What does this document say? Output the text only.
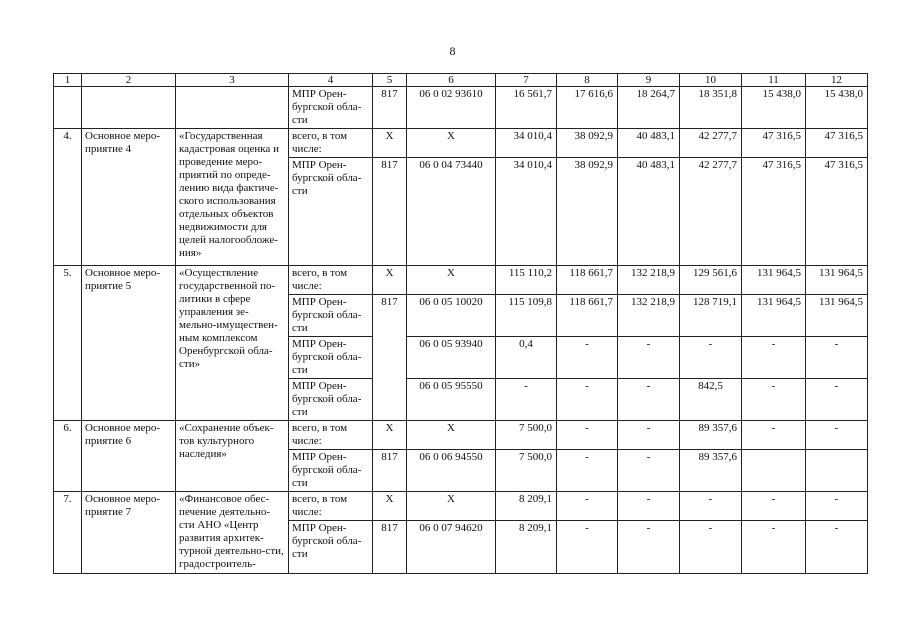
8
1	2	3	4	5	6	7	8	9	10	11	12
			МПР Орен-бургской обла-сти	817	06 0 02 93610	16 561,7	17 616,6	18 264,7	18 351,8	15 438,0	15 438,0
4.	Основное меро-приятие 4	«Государственная кадастровая оценка и проведение меро-приятий по опреде-лению вида фактиче-ского использования отдельных объектов недвижимости для целей налогообложе-ния»	всего, в том числе:	Х	Х	34 010,4	38 092,9	40 483,1	42 277,7	47 316,5	47 316,5
			МПР Орен-бургской обла-сти	817	06 0 04 73440	34 010,4	38 092,9	40 483,1	42 277,7	47 316,5	47 316,5
5.	Основное меро-приятие 5	«Осуществление государственной по-литики в сфере управления зе-мельно-имуществен-ным комплексом Оренбургской обла-сти»	всего, в том числе:	Х	Х	115 110,2	118 661,7	132 218,9	129 561,6	131 964,5	131 964,5
			МПР Орен-бургской обла-сти	817	06 0 05 10020	115 109,8	118 661,7	132 218,9	128 719,1	131 964,5	131 964,5
			МПР Орен-бургской обла-сти		06 0 05 93940	0,4	-	-	-	-	-
			МПР Орен-бургской обла-сти		06 0 05 95550	-	-	-	842,5	-	-
6.	Основное меро-приятие 6	«Сохранение объек-тов культурного наследия»	всего, в том числе:	Х	Х	7 500,0	-	-	89 357,6	-	-
			МПР Орен-бургской обла-сти	817	06 0 06 94550	7 500,0	-	-	89 357,6		
7.	Основное меро-приятие 7	«Финансовое обес-печение деятельно-сти АНО «Центр развития архитек-турной деятельно-сти, градостроитель-	всего, в том числе:	Х	Х	8 209,1	-	-	-	-	-
			МПР Орен-бургской обла-сти	817	06 0 07 94620	8 209,1	-	-	-	-	-
